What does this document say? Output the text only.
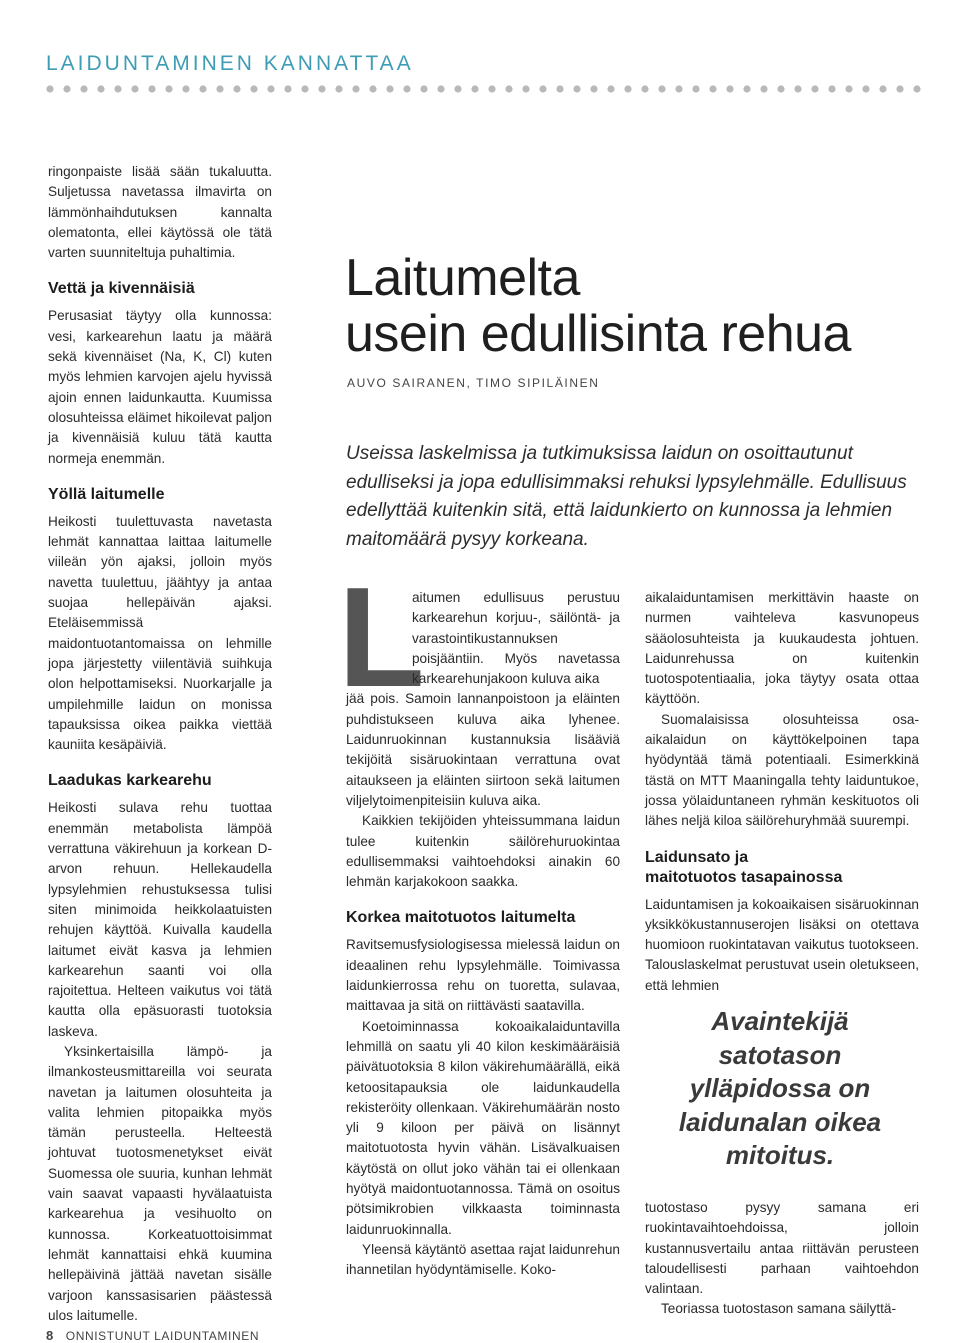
LAIDUNTAMINEN KANNATTAA

ringonpaiste lisää sään tukaluutta. Suljetussa navetassa ilmavirta on lämmönhaihdutuksen kannalta olematonta, ellei käytössä ole tätä varten suunniteltuja puhaltimia.

Vettä ja kivennäisiä

Perusasiat täytyy olla kunnossa: vesi, karkearehun laatu ja määrä sekä kivennäiset (Na, K, Cl) kuten myös lehmien karvojen ajelu hyvissä ajoin ennen laidunkautta. Kuumissa olosuhteissa eläimet hikoilevat paljon ja kivennäisiä kuluu tätä kautta normeja enemmän.

Yöllä laitumelle

Heikosti tuulettuvasta navetasta lehmät kannattaa laittaa laitumelle viileän yön ajaksi, jolloin myös navetta tuulettuu, jäähtyy ja antaa suojaa hellepäivän ajaksi. Eteläisemmissä maidontuotantomaissa on lehmille jopa järjestetty viilentäviä suihkuja olon helpottamiseksi. Nuorkarjalle ja umpilehmille laidun on monissa tapauksissa oikea paikka viettää kauniita kesäpäiviä.

Laadukas karkearehu

Heikosti sulava rehu tuottaa enemmän metabolista lämpöä verrattuna väkirehuun ja korkean D-arvon rehuun. Hellekaudella lypsylehmien rehustuksessa tulisi siten minimoida heikkolaatuisten rehujen käyttöä. Kuivalla kaudella laitumet eivät kasva ja lehmien karkearehun saanti voi olla rajoitettua. Helteen vaikutus voi tätä kautta olla epäsuorasti tuotoksia laskeva.

Yksinkertaisilla lämpö- ja ilmankosteusmittareilla voi seurata navetan ja laitumen olosuhteita ja valita lehmien pitopaikka myös tämän perusteella. Helteestä johtuvat tuotosmenetykset eivät Suomessa ole suuria, kunhan lehmät vain saavat vapaasti hyvälaatuista karkearehua ja vesihuolto on kunnossa. Korkeatuottoisimmat lehmät kannattaisi ehkä kuumina hellepäivinä jättää navetan sisälle varjoon kanssasisarien päästessä ulos laitumelle.

Laitumelta
usein edullisinta rehua
AUVO SAIRANEN, TIMO SIPILÄINEN

Useissa laskelmissa ja tutkimuksissa laidun on osoittautunut edulliseksi ja jopa edullisimmaksi rehuksi lypsylehmälle. Edullisuus edellyttää kuitenkin sitä, että laidunkierto on kunnossa ja lehmien maitomäärä pysyy korkeana.

L

aitumen edullisuus perustuu karkearehun korjuu-, säilöntä- ja varastointikustannuksen poisjääntiin. Myös navetassa karkearehunjakoon kuluva aika

jää pois. Samoin lannanpoistoon ja eläinten puhdistukseen kuluva aika lyhenee. Laidunruokinnan kustannuksia lisääviä tekijöitä sisäruokintaan verrattuna ovat aitaukseen ja eläinten siirtoon sekä laitumen viljelytoimenpiteisiin kuluva aika.

Kaikkien tekijöiden yhteissummana laidun tulee kuitenkin säilörehuruokintaa edullisemmaksi vaihtoehdoksi ainakin 60 lehmän karjakokoon saakka.

Korkea maitotuotos laitumelta

Ravitsemusfysiologisessa mielessä laidun on ideaalinen rehu lypsylehmälle. Toimivassa laidunkierrossa rehu on tuoretta, sulavaa, maittavaa ja sitä on riittävästi saatavilla.

Koetoiminnassa kokoaikalaiduntavilla lehmillä on saatu yli 40 kilon keskimääräisiä päivätuotoksia 8 kilon väkirehumäärällä, eikä ketoositapauksia ole laidunkaudella rekisteröity ollenkaan. Väkirehumäärän nosto yli 9 kiloon per päivä on lisännyt maitotuotosta hyvin vähän. Lisävalkuaisen käytöstä on ollut joko vähän tai ei ollenkaan hyötyä maidontuotannossa. Tämä on osoitus pötsimikrobien vilkkaasta toiminnasta laidunruokinnalla.

Yleensä käytäntö asettaa rajat laidunrehun ihannetilan hyödyntämiselle. Koko-

aikalaiduntamisen merkittävin haaste on nurmen vaihteleva kasvunopeus sääolosuhteista ja kuukaudesta johtuen. Laidunrehussa on kuitenkin tuotospotentiaalia, joka täytyy osata ottaa käyttöön.

Suomalaisissa olosuhteissa osa-aikalaidun on käyttökelpoinen tapa hyödyntää tämä potentiaali. Esimerkkinä tästä on MTT Maaningalla tehty laiduntukoe, jossa yölaiduntaneen ryhmän keskituotos oli lähes neljä kiloa säilörehuryhmää suurempi.

Laidunsato ja
maitotuotos tasapainossa

Laiduntamisen ja kokoaikaisen sisäruokinnan yksikkökustannuserojen lisäksi on otettava huomioon ruokintatavan vaikutus tuotokseen. Talouslaskelmat perustuvat usein oletukseen, että lehmien

Avaintekijä satotason ylläpidossa on laidunalan oikea mitoitus.

tuotostaso pysyy samana eri ruokintavaihtoehdoissa, jolloin kustannusvertailu antaa riittävän perusteen taloudellisesti parhaan vaihtoehdon valintaan.

Teoriassa tuotostason samana säilyttä-

8 ONNISTUNUT LAIDUNTAMINEN
